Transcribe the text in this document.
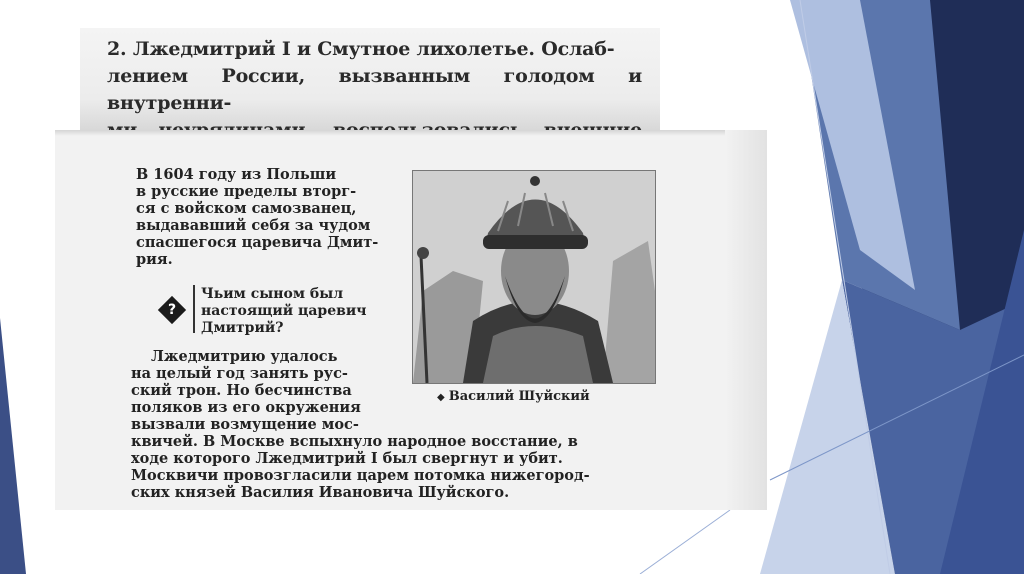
2. Лжедмитрий I и Смутное лихолетье. Ослаб-
лением России, вызванным голодом и внутренни-

В 1604 году из Польши
в русские пределы вторг-
ся с войском самозванец,
выдававший себя за чудом
спасшегося царевича Дмит-
рия.
?
Чьим сыном был
настоящий царевич
Дмитрий?
Лжедмитрию удалось
на целый год занять рус-
ский трон. Но бесчинства
поляков из его окружения
вызвали возмущение мос-
квичей. В Москве вспыхнуло народное восстание, в
ходе которого Лжедмитрий I был свергнут и убит.
Москвичи провозгласили царем потомка нижегород-
ских князей Василия Ивановича Шуйского.
◆ Василий Шуйский
